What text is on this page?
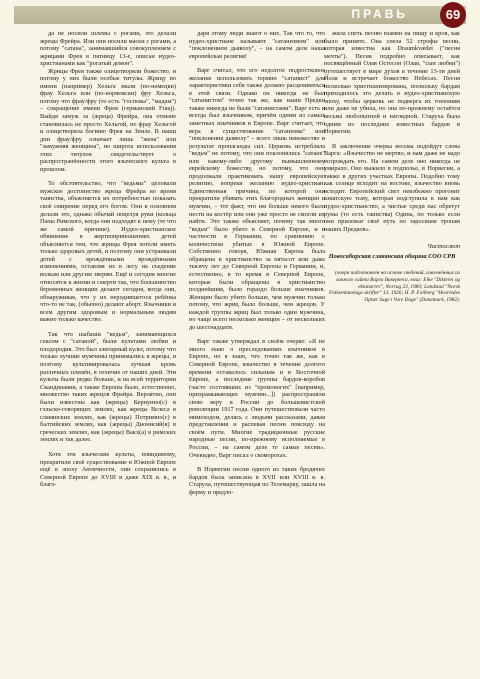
ПРАВЬ	69

да не носили шлемы с рогами, это делали жрецы Фрейра. Или они носили маски с рогами, а потому "сатана", занимавшийся совокуплением с жрицами Фрея в пятницу 13-е, описан иудео-христианами как "рогатый демон".

Жрицы Фрея также олицетворяли божество, и потому у них были особые титулы. Жрицу по имени (например) Хельга звали (по-немецки) фрау Хельга или (по-норвежски) фру Хельга, потому что фрау/фру (то есть "госпожа", "мадам") – сокращение имени Фрея (германский Frauj). Выйдя замуж за (жреца) Фрейра, она отныне становилась не просто Хельгой, но фрау Хельгой и олицетворяла богиню Фрея на Земле. В наши дни фрау/фру означает лишь "жена" или "замужняя женщина", но широта использования этих титулов свидетельствует о распространённости этого языческого культа в прошлом.

То обстоятельство, что "ведьмы" целовали мужское достоинство жреца Фрейра во время таинства, объясняется их потребностью показать своё смирение перед его богом. Они в основном делали это, однако обычай поцелуя руки (кольца Папы Римского, когда они подходят к нему (то что же самой причине). Иудео-христианское обвинение в жертвоприношениях детей объясняется тем, что жрицы Фрея хотели иметь только здоровых детей, и поэтому они устраивали детей с врождёнными врождёнными изменениями, оставляя их в лесу на съедение волкам или другим зверям. Ещё и сегодня многие относятся к жизни и смерти так, что большинство беременных женщин делают сегодня, когда они, обнаруживая, что у их неродившегося ребёнка что-то не так, (обычно) делают аборт. Язычники и всем другим здоровым и нормальным людям важно только качество.

Так что шабаши "ведьм", занимающихся сексом с "сатаной", были культами любви и плодородия. Это был элитарный культ, потому что только лучшие мужчины принимались в жрецы, и поэтому культивировалась лучшая кровь различных племён, в отличие от наших дней. Эти культы были редко больше, и на всей территории Скандинавии, а также Европы было, естественно, множество таких жрецов Фрейра. Вероятно, они были известны как (жрецы) Кернунно(с) в гэльско-говорящих землях, как жрецы Велеса в славянских землях, как (жрецы) Потримпо(с) в балтийских землях, как (жрецы) Дионисий(я) в греческих землях, как (жрецы) Вакх(а) в римских землях и так далее.

Хотя эти языческие культы, повидимому, прекратили своё существование в Южной Европе ещё в эпоху Античности, они сохранились в Северной Европе до XVIII и даже XIX в. в., и благо-

даря этому люди знают о них. Так что то, что иудео-христиане называют "сатанизмом" или "поклонением дьяволу", – на самом деле наша европейская религия!

Варг считал, что его недолгое подростковое желание использовать термин "сатанист" для характеристики себя также должно расцениваться в этой связи. Однако он никогда не был "сатанистом" точно так же, как наши Предки также никогда не были "сатанистами". Варг есть и всегда был язычником, причём одним из самых заметных язычников в Европе. Варг считает, что вера в существование "сатанизма" или "поклонения дьяволу" – всего лишь невежество и результат пропаганды сил. Церковь истребляла "ведьм" не потому, что они поклонялись "сатане" или какому-либо другому вымышленному еврейскому божеству, но потому, что они продолжали практиковать нашу европейскую религию, вопреки желанию иудео-христиан. Единственная причина, по которой они прекратили убивать этих благородных женщин и мужчин, – тот факт, что им больше некого было нести на костёр или они уже просто не смогли их найти. Это также объясняет, почему так много "ведьм" было убито в Северной Европе, и в частности в Германии, по сравнению с количеством убитых в Южной Европе. Собственно говоря, Южная Европа была обращена в христианство за пятьсот или даже тысячу лет до Северной Европы и Германии, и, естественно, в то время в Северной Европе, которые были обращены в христианство позднейшим, было гораздо больше язычников. Женщин было убито больше, чем мужчин только потому, что жриц было больше, чем жрецов. У каждой группы жриц был только один мужчина, но чаще всего несколько женщин – от нескольких до шестнадцати.

Варг также утверждал в своём очерке: «Я не много знаю о преследованиях язычников в Европе, но я знаю, что точно так же, как в Северной Европе, язычество в течение долгого времени оставалось сильным и в Восточной Европе, а последние группы бардов-коробов (часто состоявших из "хромоногих" [например, прихрамывающих мужчин...]) распространяли свою веру в России до большевистской революции 1917 года. Они путешествовали часто мимоходом, делясь с людьми рассказами, давая представления и распевая песни повсюду на своём пути. Многие традиционные русские народные песни, по-прежнему исполняемые в России, – на самом деле те самые песни». Очевидно, Варг писал о скоморохах.

В Норвегии песни одного из таких бродячих бардов была записана в XVII или XVIII в. в. Старуха, путешествующая по Телемарку, зашла на ферму и предло-

жила спеть песню взамен на пищу и кров, как было принято. Она спела 52 строфы песни, которая известна как Draumkvædet ("песня мечты"). Песня подробно описывает, как посвящённый Олав Остесон (Олав, "сын любви") путешествует в мире духов в течение 13-ти дней Йоля и встречает божество Небесах. Песня несколько христианизирована, поскольку бардам приходилось это делать в иудео-христианскую эпоху, чтобы церковь не подверга их гонениям или даже не убила, но она по-прежнему остаётся весьма любопытной и наглядной. Старуха была одним из последних известных бардов в Норвегии.

В заключение очерка весьма подойдут слова Варга: «Язычество не мертво, и нам даже не надо возрождать его. На самом деле оно никогда не умирало. Оно выжило в подполье, в Норвегии, а также в других участках Европы. Подобно тому как солнце всходит на востоке, язычество вновь всходит. Европейский свет неизбежно прогонит азиатскую тьму, которая подступила к нам как иудео-христианство, а чистые среди нас обретут руны (то есть таинства) Одина, по только если они прилежат своё путь по заросшим тропам наших Предков».

Частослют
Новосибирская славянская община СОО СРВ
(очерк подготовлен на основе сведений, извлечённых из личного сайта Варга Викернеса, книг: Eike "Dikterei og ektanarrer", Norrug 23, 1980; Landstad "Norsk Folkeminnelags skrifter" 13, 1926; H. P. Follberg "Hvorledes Optær Suge i Vore Dage" (Danemark, 1982).
